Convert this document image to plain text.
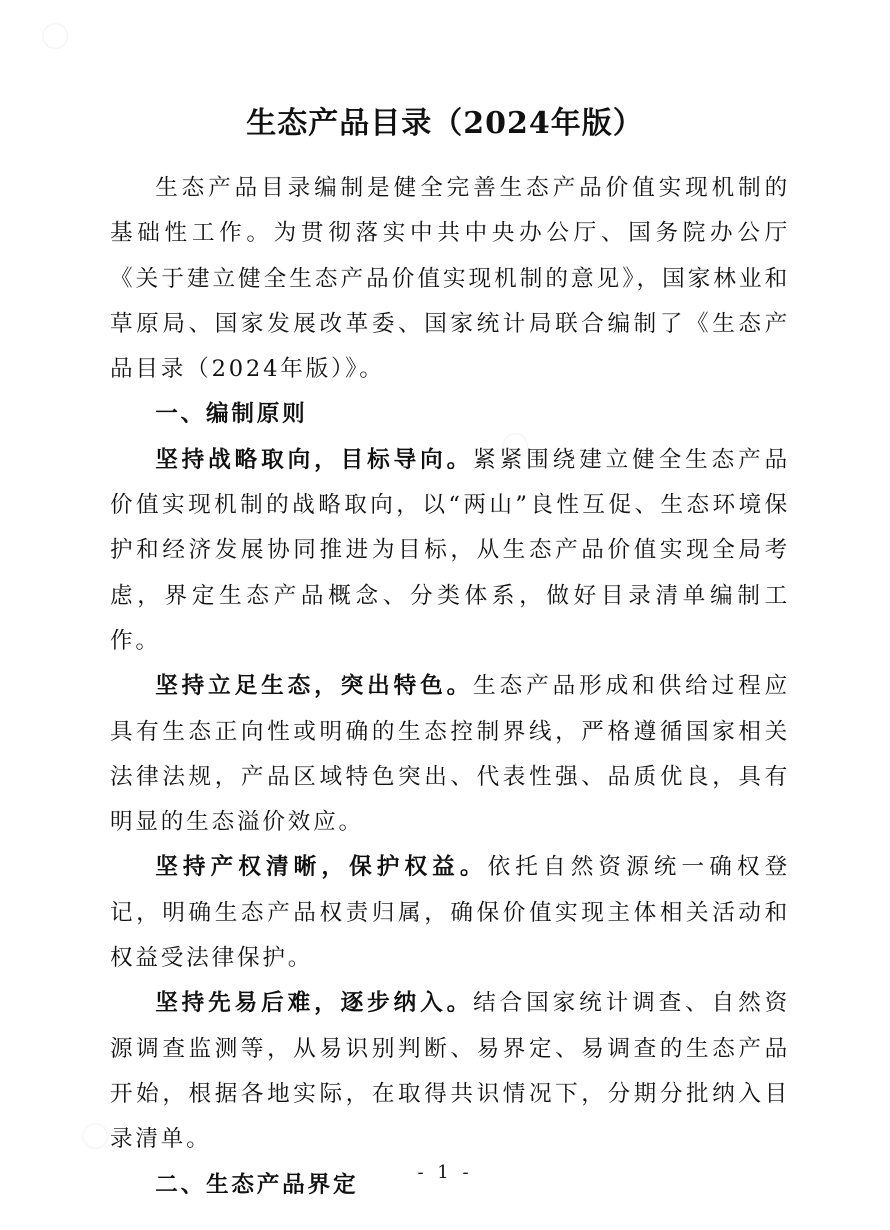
生态产品目录（2024年版）

生态产品目录编制是健全完善生态产品价值实现机制的基础性工作。为贯彻落实中共中央办公厅、国务院办公厅《关于建立健全生态产品价值实现机制的意见》，国家林业和草原局、国家发展改革委、国家统计局联合编制了《生态产品目录（2024年版）》。

一、编制原则

坚持战略取向，目标导向。紧紧围绕建立健全生态产品价值实现机制的战略取向，以“两山”良性互促、生态环境保护和经济发展协同推进为目标，从生态产品价值实现全局考虑，界定生态产品概念、分类体系，做好目录清单编制工作。

坚持立足生态，突出特色。生态产品形成和供给过程应具有生态正向性或明确的生态控制界线，严格遵循国家相关法律法规，产品区域特色突出、代表性强、品质优良，具有明显的生态溢价效应。

坚持产权清晰，保护权益。依托自然资源统一确权登记，明确生态产品权责归属，确保价值实现主体相关活动和权益受法律保护。

坚持先易后难，逐步纳入。结合国家统计调查、自然资源调查监测等，从易识别判断、易界定、易调查的生态产品开始，根据各地实际，在取得共识情况下，分期分批纳入目录清单。

二、生态产品界定	- 1 -
